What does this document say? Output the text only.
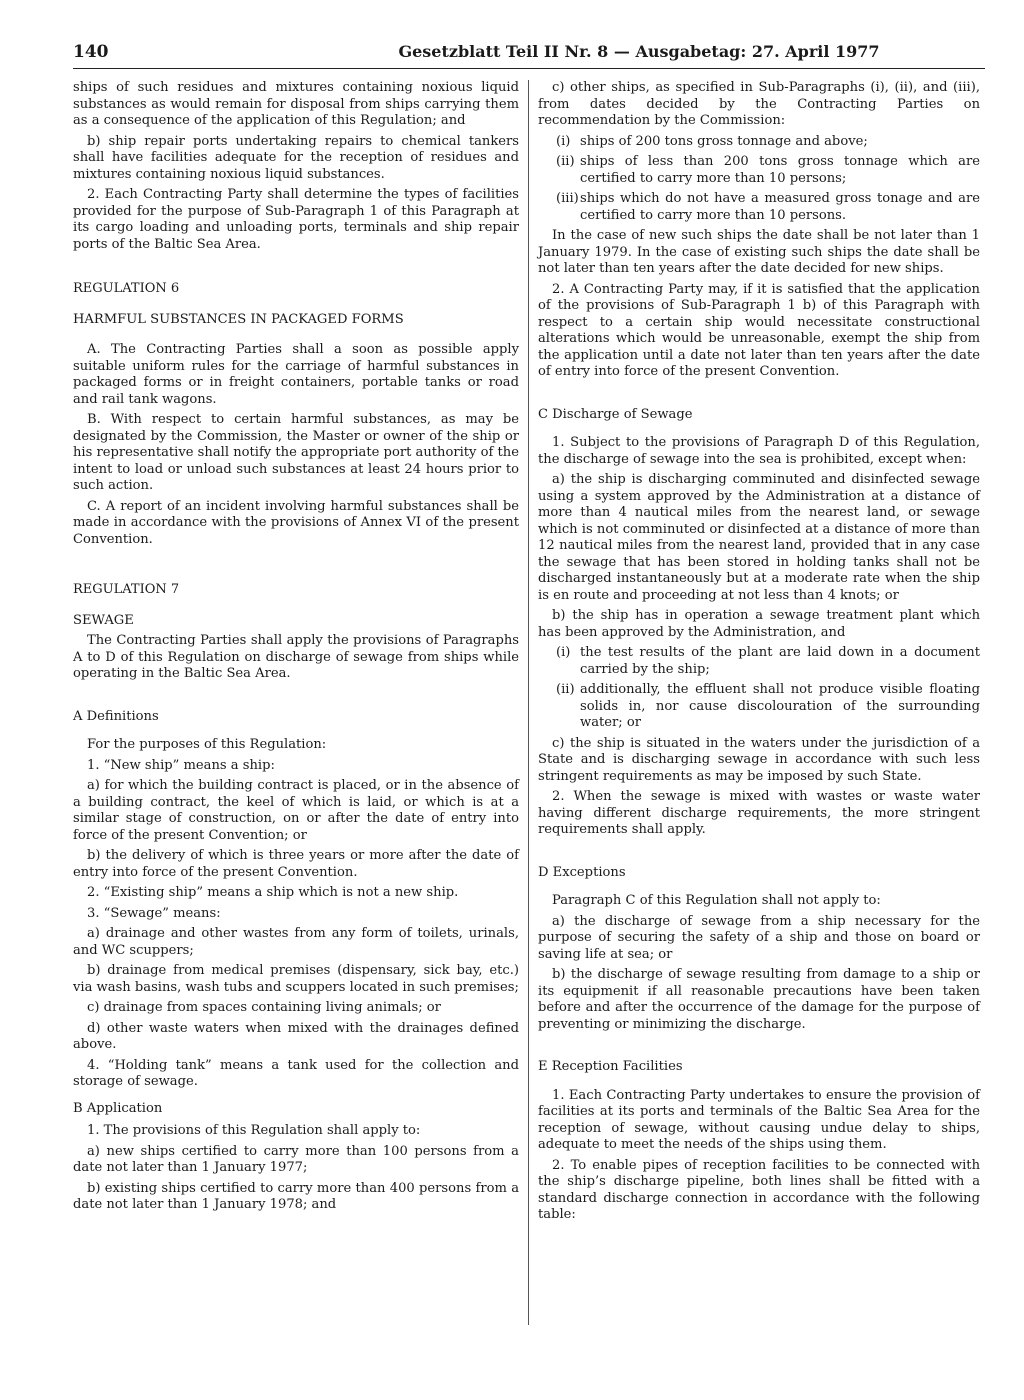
140	Gesetzblatt Teil II Nr. 8 — Ausgabetag: 27. April 1977

ships of such residues and mixtures containing noxious liquid substances as would remain for disposal from ships carrying them as a consequence of the application of this Regulation; and

b) ship repair ports undertaking repairs to chemical tankers shall have facilities adequate for the reception of residues and mixtures containing noxious liquid substances.

2. Each Contracting Party shall determine the types of facilities provided for the purpose of Sub-Paragraph 1 of this Paragraph at its cargo loading and unloading ports, terminals and ship repair ports of the Baltic Sea Area.

REGULATION 6

HARMFUL SUBSTANCES IN PACKAGED FORMS

A. The Contracting Parties shall a soon as possible apply suitable uniform rules for the carriage of harmful substances in packaged forms or in freight containers, portable tanks or road and rail tank wagons.

B. With respect to certain harmful substances, as may be designated by the Commission, the Master or owner of the ship or his representative shall notify the appropriate port authority of the intent to load or unload such substances at least 24 hours prior to such action.

C. A report of an incident involving harmful substances shall be made in accordance with the provisions of Annex VI of the present Convention.

REGULATION 7

SEWAGE

The Contracting Parties shall apply the provisions of Paragraphs A to D of this Regulation on discharge of sewage from ships while operating in the Baltic Sea Area.

A Definitions

For the purposes of this Regulation:

1. “New ship” means a ship:

a) for which the building contract is placed, or in the absence of a building contract, the keel of which is laid, or which is at a similar stage of construction, on or after the date of entry into force of the present Convention; or

b) the delivery of which is three years or more after the date of entry into force of the present Convention.

2. “Existing ship” means a ship which is not a new ship.

3. “Sewage” means:

a) drainage and other wastes from any form of toilets, urinals, and WC scuppers;

b) drainage from medical premises (dispensary, sick bay, etc.) via wash basins, wash tubs and scuppers located in such premises;

c) drainage from spaces containing living animals; or

d) other waste waters when mixed with the drainages defined above.

4. “Holding tank” means a tank used for the collection and storage of sewage.

B Application

1. The provisions of this Regulation shall apply to:

a) new ships certified to carry more than 100 persons from a date not later than 1 January 1977;

b) existing ships certified to carry more than 400 persons from a date not later than 1 January 1978; and

c) other ships, as specified in Sub-Paragraphs (i), (ii), and (iii), from dates decided by the Contracting Parties on recommendation by the Commission:

(i) ships of 200 tons gross tonnage and above;
(ii) ships of less than 200 tons gross tonnage which are certified to carry more than 10 persons;
(iii) ships which do not have a measured gross tonage and are certified to carry more than 10 persons.

In the case of new such ships the date shall be not later than 1 January 1979. In the case of existing such ships the date shall be not later than ten years after the date decided for new ships.

2. A Contracting Party may, if it is satisfied that the application of the provisions of Sub-Paragraph 1 b) of this Paragraph with respect to a certain ship would necessitate constructional alterations which would be unreasonable, exempt the ship from the application until a date not later than ten years after the date of entry into force of the present Convention.

C Discharge of Sewage

1. Subject to the provisions of Paragraph D of this Regulation, the discharge of sewage into the sea is prohibited, except when:

a) the ship is discharging comminuted and disinfected sewage using a system approved by the Administration at a distance of more than 4 nautical miles from the nearest land, or sewage which is not comminuted or disinfected at a distance of more than 12 nautical miles from the nearest land, provided that in any case the sewage that has been stored in holding tanks shall not be discharged instantaneously but at a moderate rate when the ship is en route and proceeding at not less than 4 knots; or

b) the ship has in operation a sewage treatment plant which has been approved by the Administration, and

(i) the test results of the plant are laid down in a document carried by the ship;
(ii) additionally, the effluent shall not produce visible floating solids in, nor cause discolouration of the surrounding water; or

c) the ship is situated in the waters under the jurisdiction of a State and is discharging sewage in accordance with such less stringent requirements as may be imposed by such State.

2. When the sewage is mixed with wastes or waste water having different discharge requirements, the more stringent requirements shall apply.

D Exceptions

Paragraph C of this Regulation shall not apply to:

a) the discharge of sewage from a ship necessary for the purpose of securing the safety of a ship and those on board or saving life at sea; or

b) the discharge of sewage resulting from damage to a ship or its equipmenit if all reasonable precautions have been taken before and after the occurrence of the damage for the purpose of preventing or minimizing the discharge.

E Reception Facilities

1. Each Contracting Party undertakes to ensure the provision of facilities at its ports and terminals of the Baltic Sea Area for the reception of sewage, without causing undue delay to ships, adequate to meet the needs of the ships using them.

2. To enable pipes of reception facilities to be connected with the ship’s discharge pipeline, both lines shall be fitted with a standard discharge connection in accordance with the following table:
